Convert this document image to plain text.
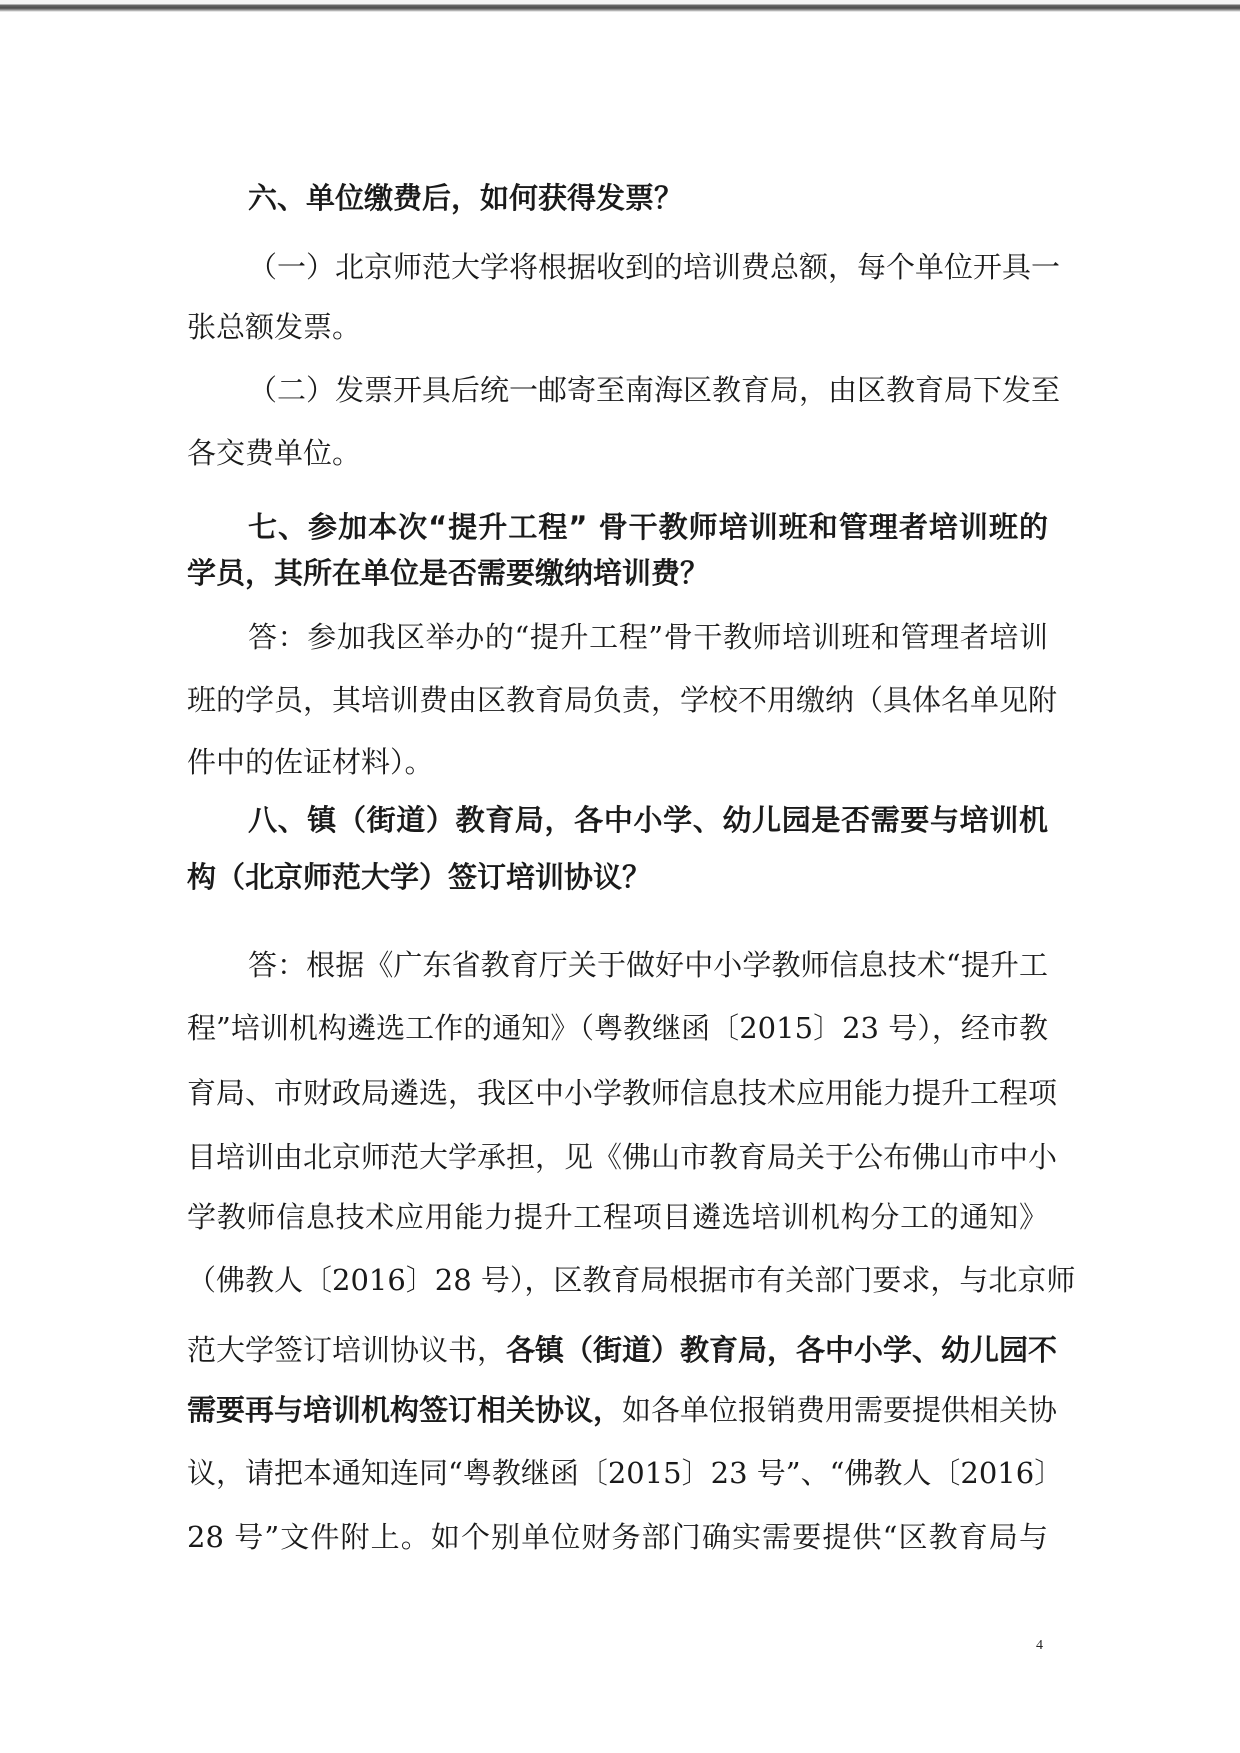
六、单位缴费后，如何获得发票？
（一）北京师范大学将根据收到的培训费总额，每个单位开具一
张总额发票。
（二）发票开具后统一邮寄至南海区教育局，由区教育局下发至
各交费单位。
七、参加本次“提升工程” 骨干教师培训班和管理者培训班的
学员，其所在单位是否需要缴纳培训费？
答：参加我区举办的“提升工程”骨干教师培训班和管理者培训
班的学员，其培训费由区教育局负责，学校不用缴纳（具体名单见附
件中的佐证材料）。
八、镇（街道）教育局，各中小学、幼儿园是否需要与培训机
构（北京师范大学）签订培训协议？
答：根据《广东省教育厅关于做好中小学教师信息技术“提升工
程”培训机构遴选工作的通知》（粤教继函〔2015〕23 号），经市教
育局、市财政局遴选，我区中小学教师信息技术应用能力提升工程项
目培训由北京师范大学承担，见《佛山市教育局关于公布佛山市中小
学教师信息技术应用能力提升工程项目遴选培训机构分工的通知》
（佛教人〔2016〕28 号），区教育局根据市有关部门要求，与北京师
范大学签订培训协议书，各镇（街道）教育局，各中小学、幼儿园不
需要再与培训机构签订相关协议，如各单位报销费用需要提供相关协
议，请把本通知连同“粤教继函〔2015〕23 号”、“佛教人〔2016〕
28 号”文件附上。如个别单位财务部门确实需要提供“区教育局与
4
